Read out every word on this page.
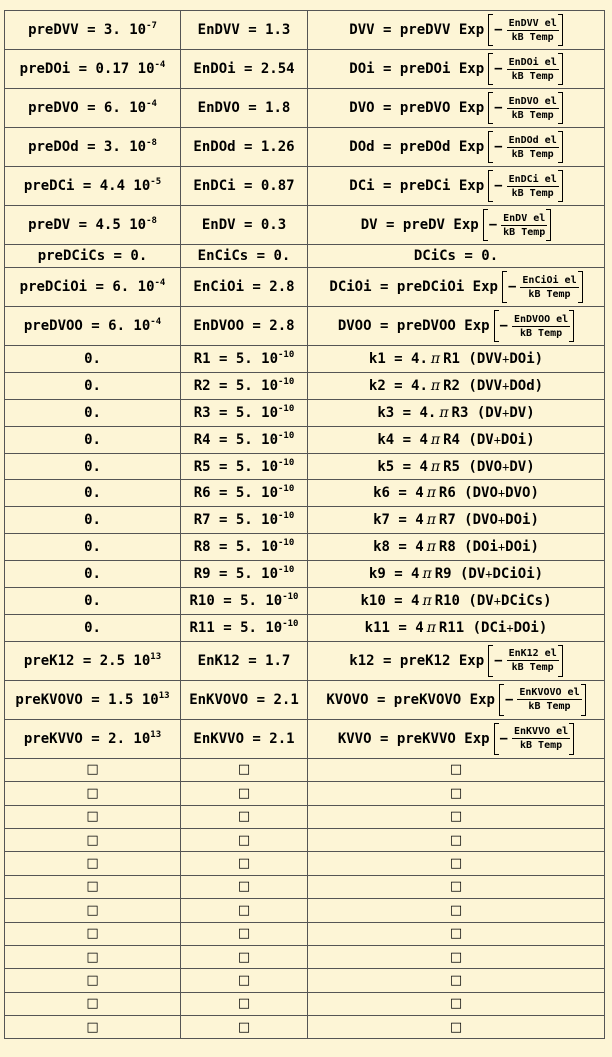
preDVV = 3. $10^{-7}$	EnDVV = 1.3	DVV = preDVV Exp − $\frac{\text{EnDVV el}}{\text{kB Temp}}$

preDOi = 0.17 $10^{-4}$	EnDOi = 2.54	DOi = preDOi Exp − $\frac{\text{EnDOi el}}{\text{kB Temp}}$

preDVO = 6. $10^{-4}$	EnDVO = 1.8	DVO = preDVO Exp − $\frac{\text{EnDVO el}}{\text{kB Temp}}$

preDOd = 3. $10^{-8}$	EnDOd = 1.26	DOd = preDOd Exp − $\frac{\text{EnDOd el}}{\text{kB Temp}}$

preDCi = 4.4 $10^{-5}$	EnDCi = 0.87	DCi = preDCi Exp − $\frac{\text{EnDCi el}}{\text{kB Temp}}$

preDV = 4.5 $10^{-8}$	EnDV = 0.3	DV = preDV Exp − $\frac{\text{EnDV el}}{\text{kB Temp}}$

preDCiCs = 0.	EnCiCs = 0.	DCiCs = 0.
preDCiOi = 6. $10^{-4}$	EnCiOi = 2.8	DCiOi = preDCiOi Exp − $\frac{\text{EnCiOi el}}{\text{kB Temp}}$

preDVOO = 6. $10^{-4}$	EnDVOO = 2.8	DVOO = preDVOO Exp − $\frac{\text{EnDVOO el}}{\text{kB Temp}}$

0.	R1 = 5. $10^{-10}$	k1 = 4. π R1 (DVV+DOi)
0.	R2 = 5. $10^{-10}$	k2 = 4. π R2 (DVV+DOd)
0.	R3 = 5. $10^{-10}$	k3 = 4. π R3 (DV+DV)
0.	R4 = 5. $10^{-10}$	k4 = 4 π R4 (DV+DOi)
0.	R5 = 5. $10^{-10}$	k5 = 4 π R5 (DVO+DV)
0.	R6 = 5. $10^{-10}$	k6 = 4 π R6 (DVO+DVO)
0.	R7 = 5. $10^{-10}$	k7 = 4 π R7 (DVO+DOi)
0.	R8 = 5. $10^{-10}$	k8 = 4 π R8 (DOi+DOi)
0.	R9 = 5. $10^{-10}$	k9 = 4 π R9 (DV+DCiOi)
0.	R10 = 5. $10^{-10}$	k10 = 4 π R10 (DV+DCiCs)
0.	R11 = 5. $10^{-10}$	k11 = 4 π R11 (DCi+DOi)
preK12 = 2.5 $10^{13}$	EnK12 = 1.7	k12 = preK12 Exp − $\frac{\text{EnK12 el}}{\text{kB Temp}}$

preKVOVO = 1.5 $10^{13}$	EnKVOVO = 2.1	KVOVO = preKVOVO Exp − $\frac{\text{EnKVOVO el}}{\text{kB Temp}}$

preKVVO = 2. $10^{13}$	EnKVVO = 2.1	KVVO = preKVVO Exp − $\frac{\text{EnKVVO el}}{\text{kB Temp}}$

□	□	□
□	□	□
□	□	□
□	□	□
□	□	□
□	□	□
□	□	□
□	□	□
□	□	□
□	□	□
□	□	□
□	□	□
